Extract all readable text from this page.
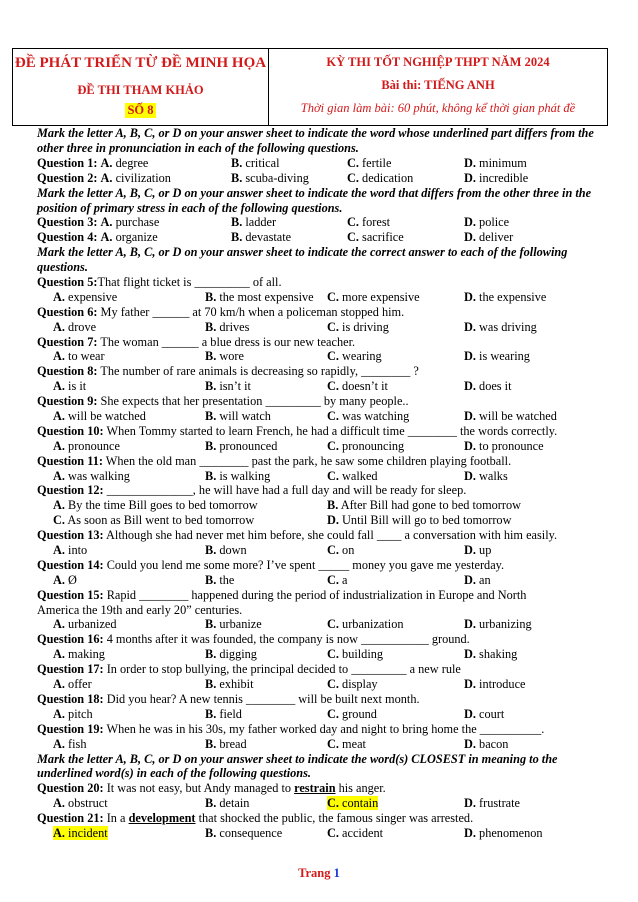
ĐỀ PHÁT TRIỂN TỪ ĐỀ MINH HỌA
ĐỀ THI THAM KHẢO
SỐ 8
KỲ THI TỐT NGHIỆP THPT NĂM 2024
Bài thi: TIẾNG ANH
Thời gian làm bài: 60 phút, không kể thời gian phát đề
Mark the letter A, B, C, or D on your answer sheet to indicate the word whose underlined part differs from the other three in pronunciation in each of the following questions.
Question 1: A. degree	B. critical	C. fertile	D. minimum
Question 2: A. civilization	B. scuba-diving	C. dedication	D. incredible
Mark the letter A, B, C, or D on your answer sheet to indicate the word that differs from the other three in the position of primary stress in each of the following questions.
Question 3: A. purchase	B. ladder	C. forest	D. police
Question 4: A. organize	B. devastate	C. sacrifice	D. deliver
Mark the letter A, B, C, or D on your answer sheet to indicate the correct answer to each of the following questions.
Question 5:That flight ticket is _________ of all.
A. expensive	B. the most expensive C. more expensive	D. the expensive
Question 6: My father ______ at 70 km/h when a policeman stopped him.
A. drove	B. drives	C. is driving	D. was driving
Question 7: The woman ______ a blue dress is our new teacher.
A. to wear	B. wore	C. wearing	D. is wearing
Question 8: The number of rare animals is decreasing so rapidly, ________ ?
A. is it	B. isn’t it	C. doesn’t it	D. does it
Question 9: She expects that her presentation _________ by many people..
A. will be watched	B. will watch	C. was watching	D. will be watched
Question 10: When Tommy started to learn French, he had a difficult time ________ the words correctly.
A. pronounce	B. pronounced	C. pronouncing	D. to pronounce
Question 11: When the old man ________ past the park, he saw some children playing football.
A. was walking	B. is walking	C. walked	D. walks
Question 12: ______________, he will have had a full day and will be ready for sleep.
A. By the time Bill goes to bed tomorrow	B. After Bill had gone to bed tomorrow
C. As soon as Bill went to bed tomorrow	D. Until Bill will go to bed tomorrow
Question 13: Although she had never met him before, she could fall ____ a conversation with him easily.
A. into	B. down	C. on	D. up
Question 14: Could you lend me some more? I’ve spent _____ money you gave me yesterday.
A. Ø	B. the	C. a	D. an
Question 15: Rapid ________ happened during the period of industrialization in Europe and North
America the 19th and early 20” centuries.
A. urbanized	B. urbanize	C. urbanization	D. urbanizing
Question 16: 4 months after it was founded, the company is now ___________ ground.
A. making	B. digging	C. building	D. shaking
Question 17: In order to stop bullying, the principal decided to _________ a new rule
A. offer	B. exhibit	C. display	D. introduce
Question 18: Did you hear? A new tennis ________ will be built next month.
A. pitch	B. field	C. ground	D. court
Question 19: When he was in his 30s, my father worked day and night to bring home the __________.
A. fish	B. bread	C. meat	D. bacon
Mark the letter A, B, C, or D on your answer sheet to indicate the word(s) CLOSEST in meaning to the underlined word(s) in each of the following questions.
Question 20: It was not easy, but Andy managed to restrain his anger.
A. obstruct	B. detain	C. contain	D. frustrate
Question 21: In a development that shocked the public, the famous singer was arrested.
A. incident	B. consequence	C. accident	D. phenomenon
Trang 1
